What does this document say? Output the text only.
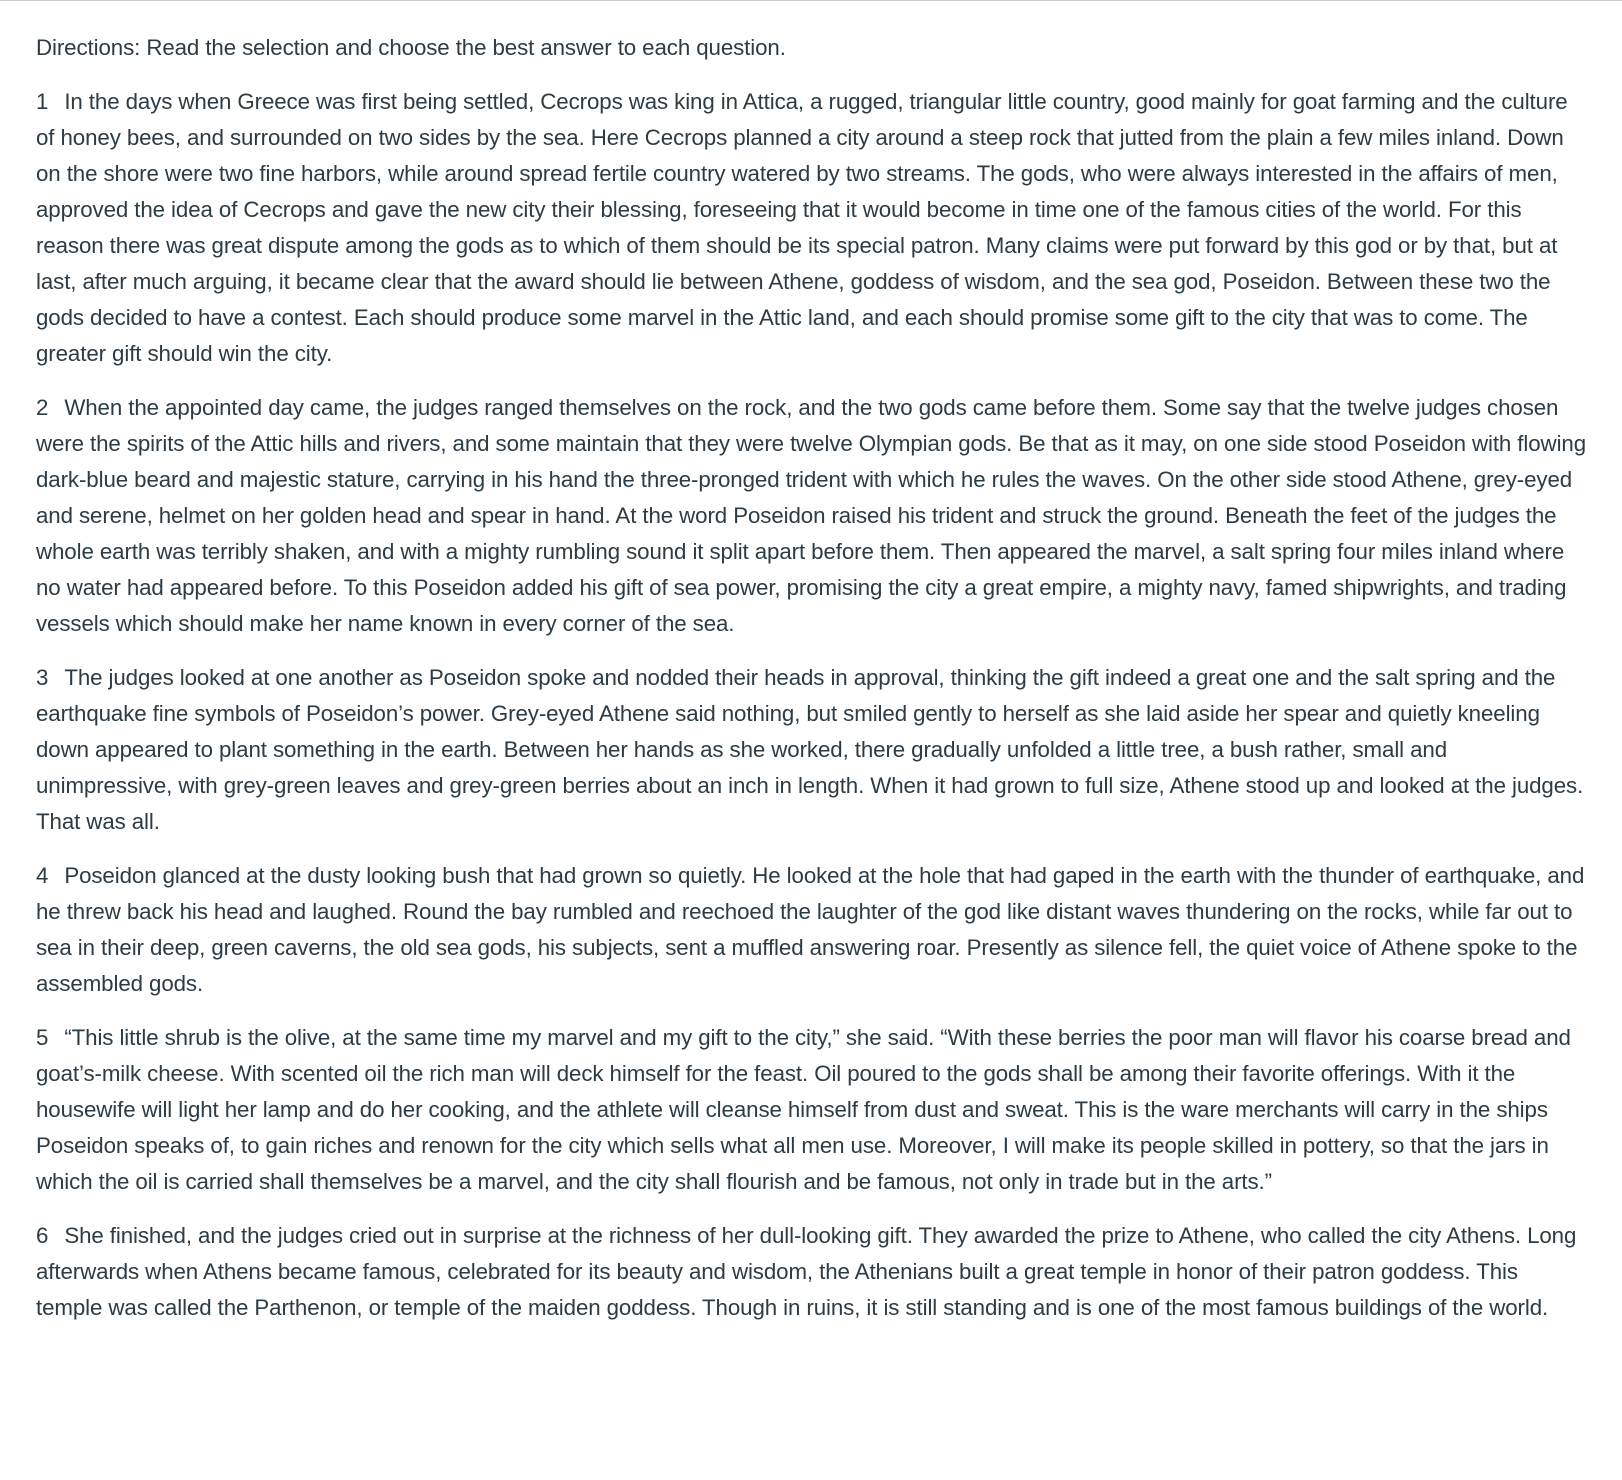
Directions: Read the selection and choose the best answer to each question.

1 In the days when Greece was first being settled, Cecrops was king in Attica, a rugged, triangular little country, good mainly for goat farming and the culture of honey bees, and surrounded on two sides by the sea. Here Cecrops planned a city around a steep rock that jutted from the plain a few miles inland. Down on the shore were two fine harbors, while around spread fertile country watered by two streams. The gods, who were always interested in the affairs of men, approved the idea of Cecrops and gave the new city their blessing, foreseeing that it would become in time one of the famous cities of the world. For this reason there was great dispute among the gods as to which of them should be its special patron. Many claims were put forward by this god or by that, but at last, after much arguing, it became clear that the award should lie between Athene, goddess of wisdom, and the sea god, Poseidon. Between these two the gods decided to have a contest. Each should produce some marvel in the Attic land, and each should promise some gift to the city that was to come. The greater gift should win the city.

2 When the appointed day came, the judges ranged themselves on the rock, and the two gods came before them. Some say that the twelve judges chosen were the spirits of the Attic hills and rivers, and some maintain that they were twelve Olympian gods. Be that as it may, on one side stood Poseidon with flowing dark-blue beard and majestic stature, carrying in his hand the three-pronged trident with which he rules the waves. On the other side stood Athene, grey-eyed and serene, helmet on her golden head and spear in hand. At the word Poseidon raised his trident and struck the ground. Beneath the feet of the judges the whole earth was terribly shaken, and with a mighty rumbling sound it split apart before them. Then appeared the marvel, a salt spring four miles inland where no water had appeared before. To this Poseidon added his gift of sea power, promising the city a great empire, a mighty navy, famed shipwrights, and trading vessels which should make her name known in every corner of the sea.

3 The judges looked at one another as Poseidon spoke and nodded their heads in approval, thinking the gift indeed a great one and the salt spring and the earthquake fine symbols of Poseidon’s power. Grey-eyed Athene said nothing, but smiled gently to herself as she laid aside her spear and quietly kneeling down appeared to plant something in the earth. Between her hands as she worked, there gradually unfolded a little tree, a bush rather, small and unimpressive, with grey-green leaves and grey-green berries about an inch in length. When it had grown to full size, Athene stood up and looked at the judges. That was all.

4 Poseidon glanced at the dusty looking bush that had grown so quietly. He looked at the hole that had gaped in the earth with the thunder of earthquake, and he threw back his head and laughed. Round the bay rumbled and reechoed the laughter of the god like distant waves thundering on the rocks, while far out to sea in their deep, green caverns, the old sea gods, his subjects, sent a muffled answering roar. Presently as silence fell, the quiet voice of Athene spoke to the assembled gods.

5 “This little shrub is the olive, at the same time my marvel and my gift to the city,” she said. “With these berries the poor man will flavor his coarse bread and goat’s-milk cheese. With scented oil the rich man will deck himself for the feast. Oil poured to the gods shall be among their favorite offerings. With it the housewife will light her lamp and do her cooking, and the athlete will cleanse himself from dust and sweat. This is the ware merchants will carry in the ships Poseidon speaks of, to gain riches and renown for the city which sells what all men use. Moreover, I will make its people skilled in pottery, so that the jars in which the oil is carried shall themselves be a marvel, and the city shall flourish and be famous, not only in trade but in the arts.”

6 She finished, and the judges cried out in surprise at the richness of her dull-looking gift. They awarded the prize to Athene, who called the city Athens. Long afterwards when Athens became famous, celebrated for its beauty and wisdom, the Athenians built a great temple in honor of their patron goddess. This temple was called the Parthenon, or temple of the maiden goddess. Though in ruins, it is still standing and is one of the most famous buildings of the world.
